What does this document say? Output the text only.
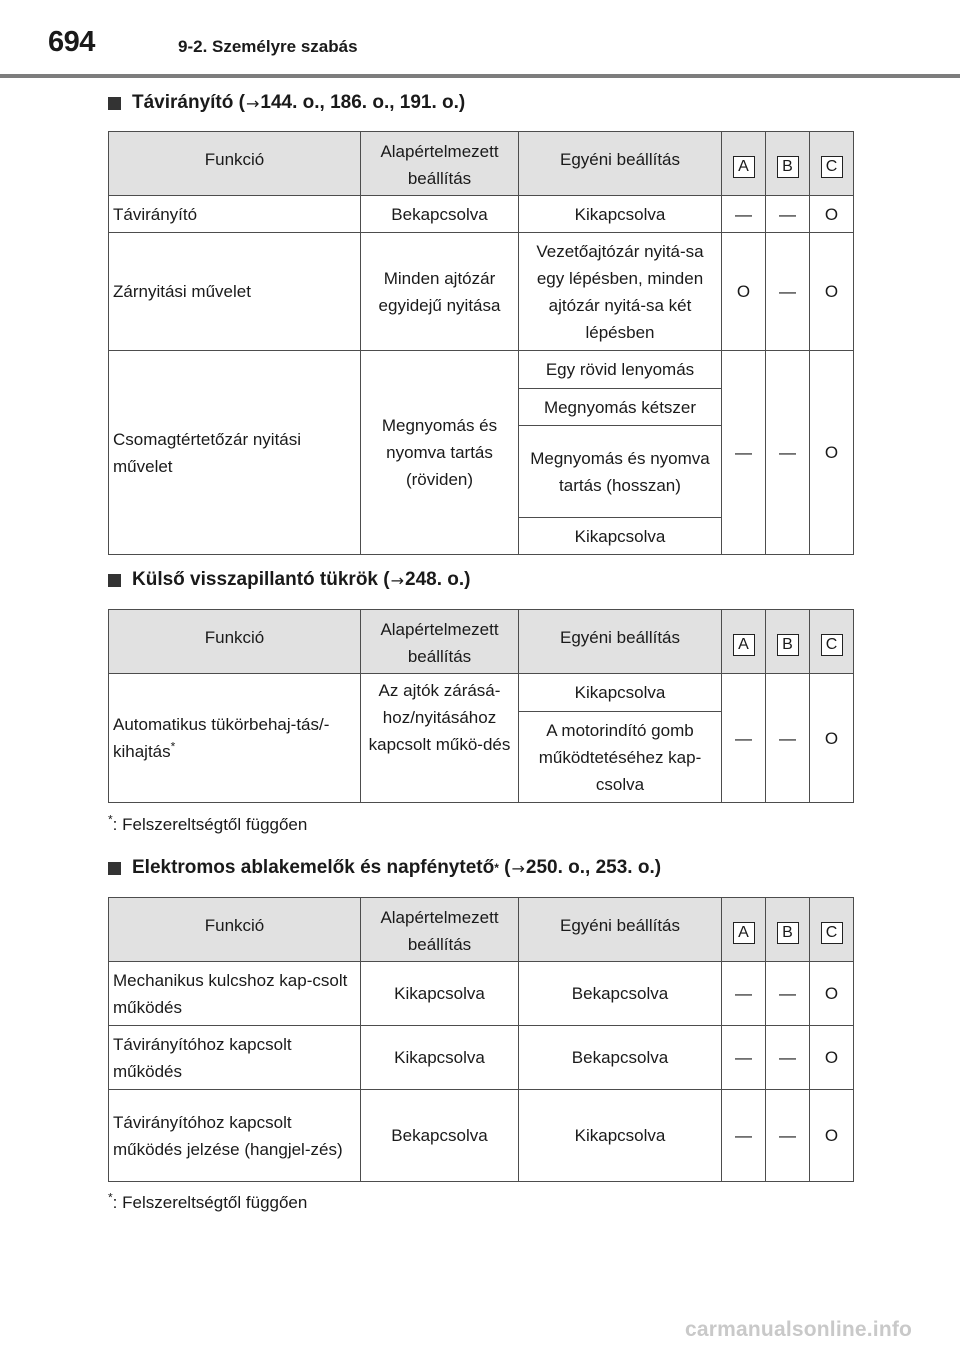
694	9-2. Személyre szabás
Távirányító ( → 144. o., 186. o., 191. o.)
Funkció	Alapértelmezett beállítás	Egyéni beállítás	A	B	C
Távirányító	Bekapcsolva	Kikapcsolva	—	—	O
Zárnyitási művelet	Minden ajtózár egyidejű nyitása	Vezetőajtózár nyitá-sa egy lépésben, minden ajtózár nyitá-sa két lépésben	O	—	O
Csomagtértetőzár nyitási művelet	Megnyomás és nyomva tartás (röviden)	Egy rövid lenyomás	—	—	O
		Megnyomás kétszer			
		Megnyomás és nyomva tartás (hosszan)			
		Kikapcsolva			
Külső visszapillantó tükrök ( → 248. o.)
Funkció	Alapértelmezett beállítás	Egyéni beállítás	A	B	C
Automatikus tükörbehaj-tás/-kihajtás*	Az ajtók zárásá-hoz/nyitásához kapcsolt műkö-dés	Kikapcsolva	—	—	O
		A motorindító gomb működtetéséhez kap-csolva			
*: Felszereltségtől függően
Elektromos ablakemelők és napfénytető * ( → 250. o., 253. o.)
Funkció	Alapértelmezett beállítás	Egyéni beállítás	A	B	C
Mechanikus kulcshoz kap-csolt működés	Kikapcsolva	Bekapcsolva	—	—	O
Távirányítóhoz kapcsolt működés	Kikapcsolva	Bekapcsolva	—	—	O
Távirányítóhoz kapcsolt működés jelzése (hangjel-zés)	Bekapcsolva	Kikapcsolva	—	—	O
*: Felszereltségtől függően
carmanualsonline.info
